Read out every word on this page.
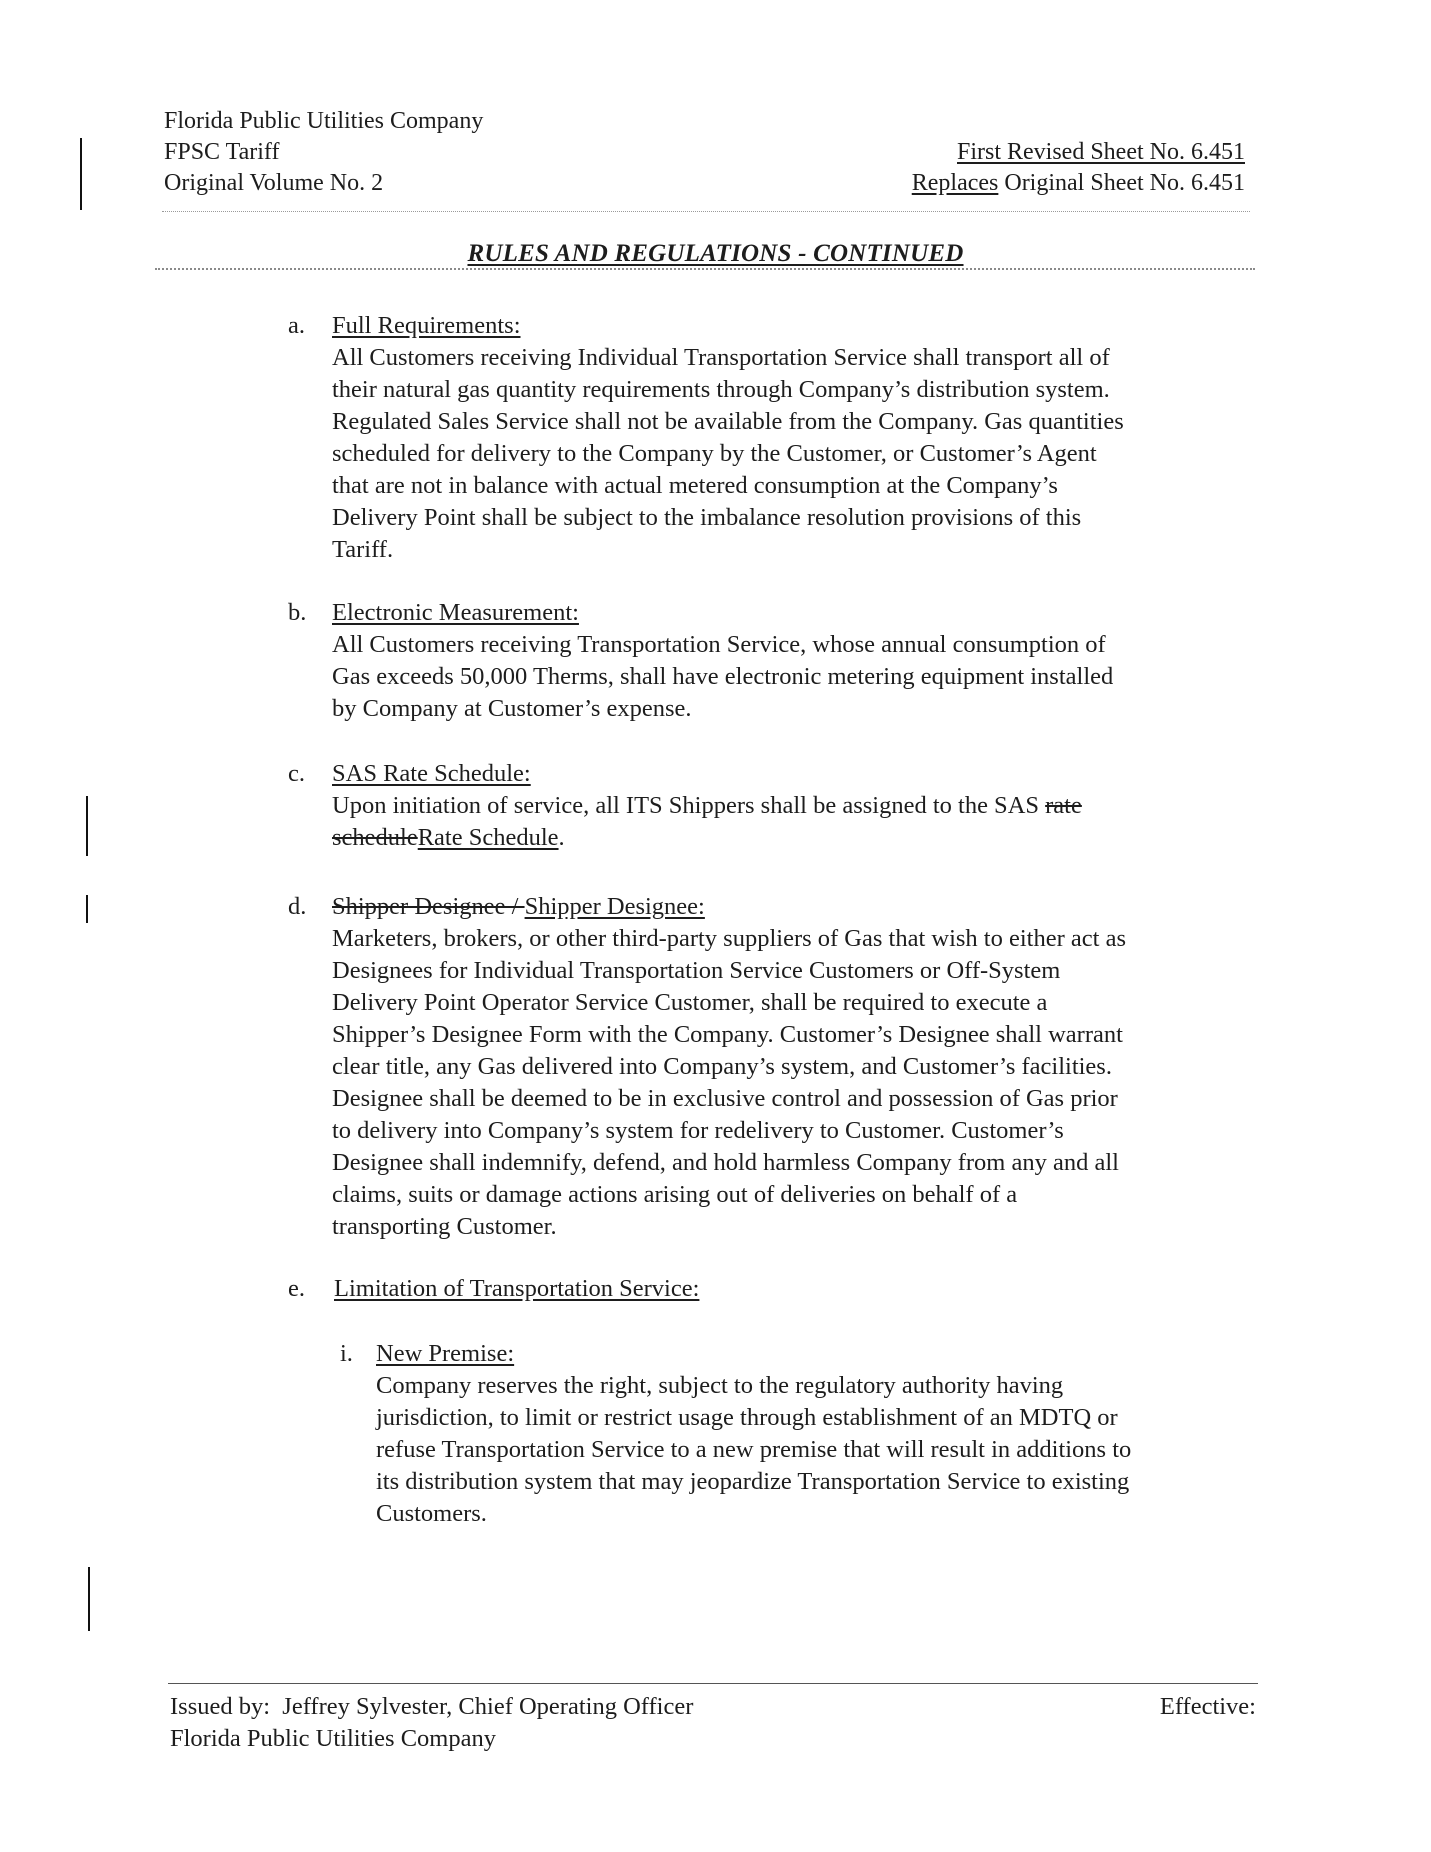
Florida Public Utilities Company
FPSC Tariff
Original Volume No. 2
First Revised Sheet No. 6.451
Replaces Original Sheet No. 6.451
RULES AND REGULATIONS - CONTINUED
a. Full Requirements:
All Customers receiving Individual Transportation Service shall transport all of
their natural gas quantity requirements through Company’s distribution system.
Regulated Sales Service shall not be available from the Company. Gas quantities
scheduled for delivery to the Company by the Customer, or Customer’s Agent
that are not in balance with actual metered consumption at the Company’s
Delivery Point shall be subject to the imbalance resolution provisions of this
Tariff.
b. Electronic Measurement:
All Customers receiving Transportation Service, whose annual consumption of
Gas exceeds 50,000 Therms, shall have electronic metering equipment installed
by Company at Customer’s expense.
c. SAS Rate Schedule:
Upon initiation of service, all ITS Shippers shall be assigned to the SAS rate
scheduleRate Schedule.
d. Shipper Designee / Shipper Designee:
Marketers, brokers, or other third-party suppliers of Gas that wish to either act as
Designees for Individual Transportation Service Customers or Off-System
Delivery Point Operator Service Customer, shall be required to execute a
Shipper’s Designee Form with the Company. Customer’s Designee shall warrant
clear title, any Gas delivered into Company’s system, and Customer’s facilities.
Designee shall be deemed to be in exclusive control and possession of Gas prior
to delivery into Company’s system for redelivery to Customer. Customer’s
Designee shall indemnify, defend, and hold harmless Company from any and all
claims, suits or damage actions arising out of deliveries on behalf of a
transporting Customer.
e. Limitation of Transportation Service:
i. New Premise:
Company reserves the right, subject to the regulatory authority having
jurisdiction, to limit or restrict usage through establishment of an MDTQ or
refuse Transportation Service to a new premise that will result in additions to
its distribution system that may jeopardize Transportation Service to existing
Customers.
Issued by:  Jeffrey Sylvester, Chief Operating Officer
Florida Public Utilities Company
Effective:
